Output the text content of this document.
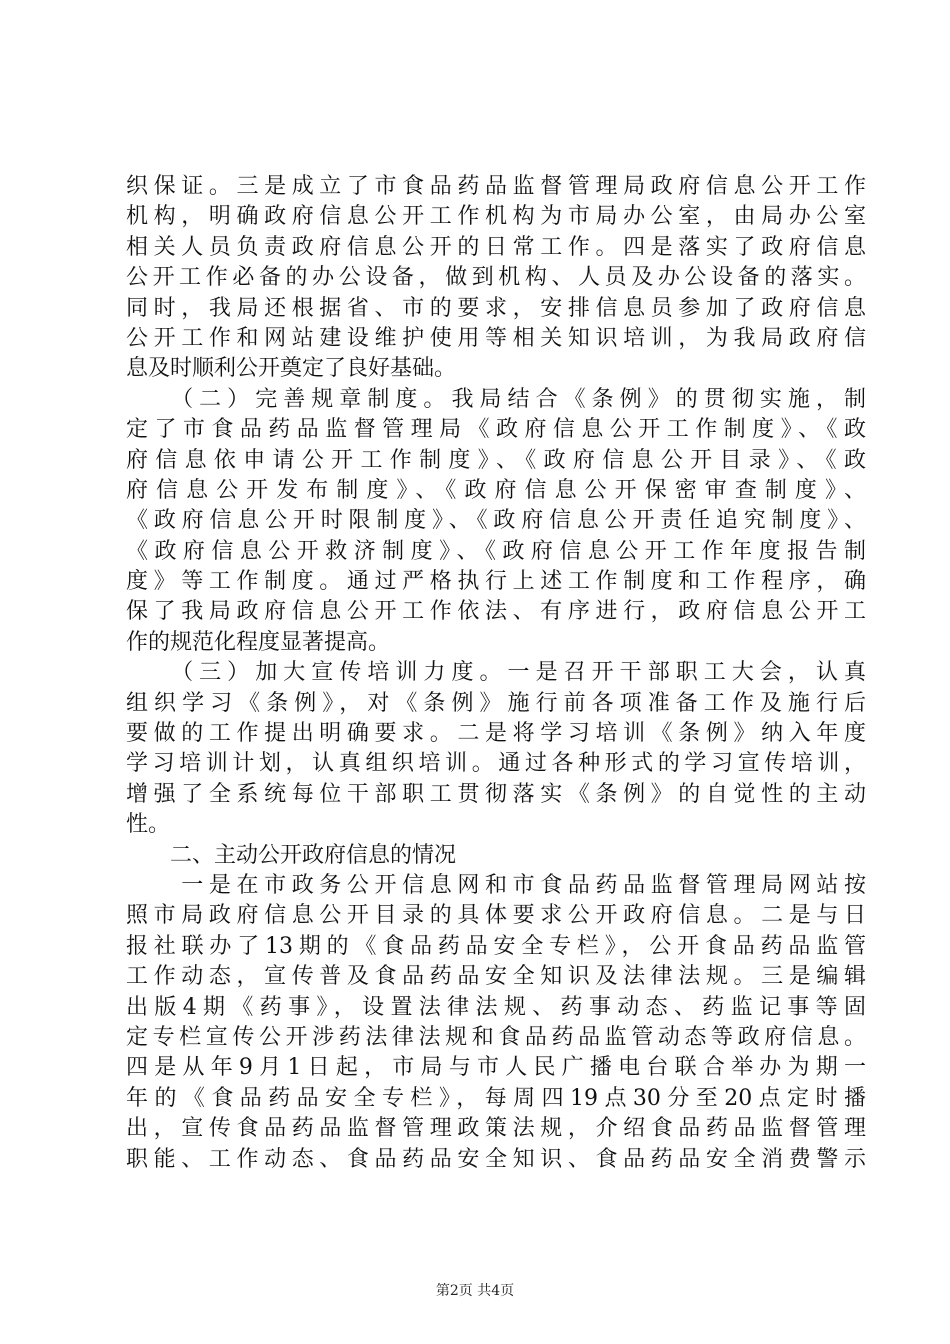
织保证。三是成立了市食品药品监督管理局政府信息公开工作
机构，明确政府信息公开工作机构为市局办公室，由局办公室
相关人员负责政府信息公开的日常工作。四是落实了政府信息
公开工作必备的办公设备，做到机构、人员及办公设备的落实。
同时，我局还根据省、市的要求，安排信息员参加了政府信息
公开工作和网站建设维护使用等相关知识培训，为我局政府信
息及时顺利公开奠定了良好基础。
　　（二）完善规章制度。我局结合《条例》的贯彻实施，制
定了市食品药品监督管理局《政府信息公开工作制度》、《政
府信息依申请公开工作制度》、《政府信息公开目录》、《政
府信息公开发布制度》、《政府信息公开保密审查制度》、
《政府信息公开时限制度》、《政府信息公开责任追究制度》、
《政府信息公开救济制度》、《政府信息公开工作年度报告制
度》等工作制度。通过严格执行上述工作制度和工作程序，确
保了我局政府信息公开工作依法、有序进行，政府信息公开工
作的规范化程度显著提高。
　　（三）加大宣传培训力度。一是召开干部职工大会，认真
组织学习《条例》，对《条例》施行前各项准备工作及施行后
要做的工作提出明确要求。二是将学习培训《条例》纳入年度
学习培训计划，认真组织培训。通过各种形式的学习宣传培训，
增强了全系统每位干部职工贯彻落实《条例》的自觉性的主动
性。
　　二、主动公开政府信息的情况
　　一是在市政务公开信息网和市食品药品监督管理局网站按
照市局政府信息公开目录的具体要求公开政府信息。二是与日
报社联办了13期的《食品药品安全专栏》，公开食品药品监管
工作动态，宣传普及食品药品安全知识及法律法规。三是编辑
出版4期《药事》，设置法律法规、药事动态、药监记事等固
定专栏宣传公开涉药法律法规和食品药品监管动态等政府信息。
四是从年9月1日起，市局与市人民广播电台联合举办为期一
年的《食品药品安全专栏》，每周四19点30分至20点定时播
出，宣传食品药品监督管理政策法规，介绍食品药品监督管理
职能、工作动态、食品药品安全知识、食品药品安全消费警示
第2页 共4页
